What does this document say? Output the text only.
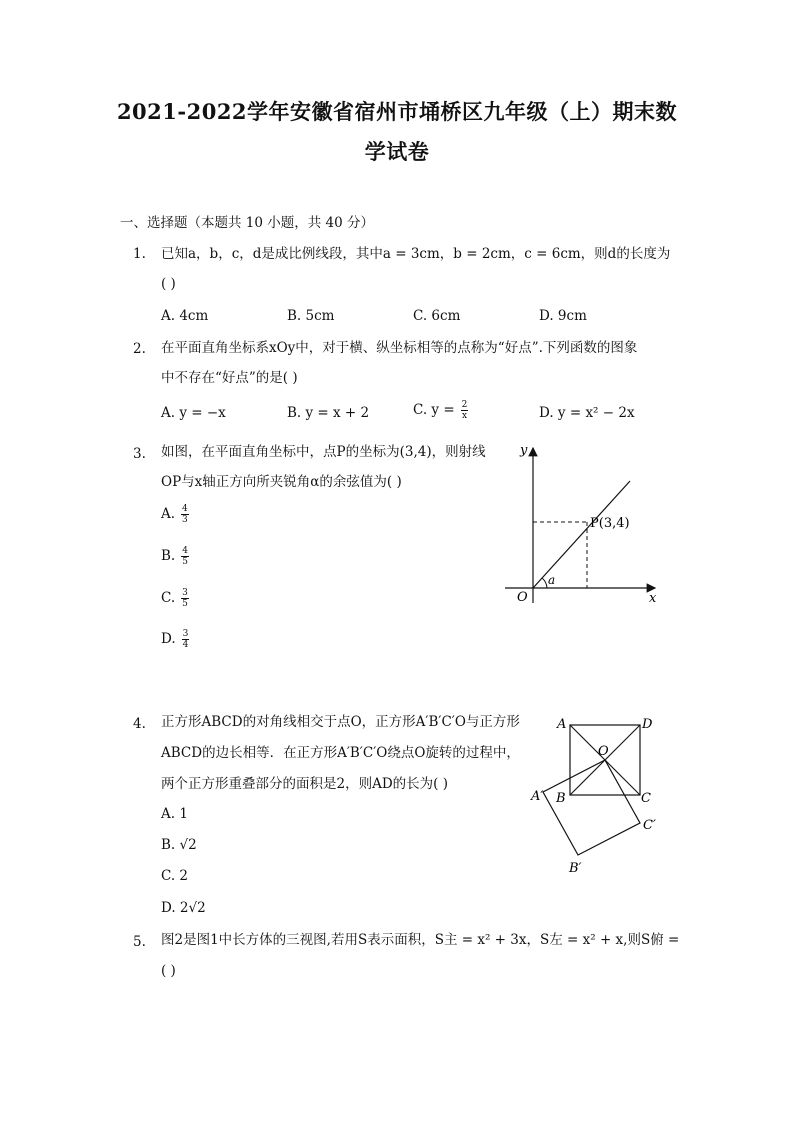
2021-2022学年安徽省宿州市埇桥区九年级（上）期末数
学试卷
一、选择题（本题共 10 小题，共 40 分）
1. 已知a，b，c，d是成比例线段，其中a = 3cm，b = 2cm，c = 6cm，则d的长度为
( )
A. 4cm	B. 5cm	C. 6cm	D. 9cm
2. 在平面直角坐标系xOy中，对于横、纵坐标相等的点称为“好点”.下列函数的图象
中不存在“好点”的是( )
A. y = −x	B. y = x + 2	C. $y = \frac{2}{x}$	D. y = x² − 2x
3. 如图，在平面直角坐标中，点P的坐标为(3,4)，则射线
OP与x轴正方向所夹锐角α的余弦值为( )
A. $\frac{4}{3}$
B. $\frac{4}{5}$
C. $\frac{3}{5}$
D. $\frac{3}{4}$
y
x
O
P(3,4)
a
4. 正方形ABCD的对角线相交于点O，正方形A′B′C′O与正方形
ABCD的边长相等．在正方形A′B′C′O绕点O旋转的过程中，
两个正方形重叠部分的面积是2，则AD的长为( )
A. 1
B. √2
C. 2
D. 2√2
A	D
O
B	C
A′
C′
B′
5. 图2是图1中长方体的三视图,若用S表示面积，S主 = x² + 3x，S左 = x² + x,则S俯 =
( )
